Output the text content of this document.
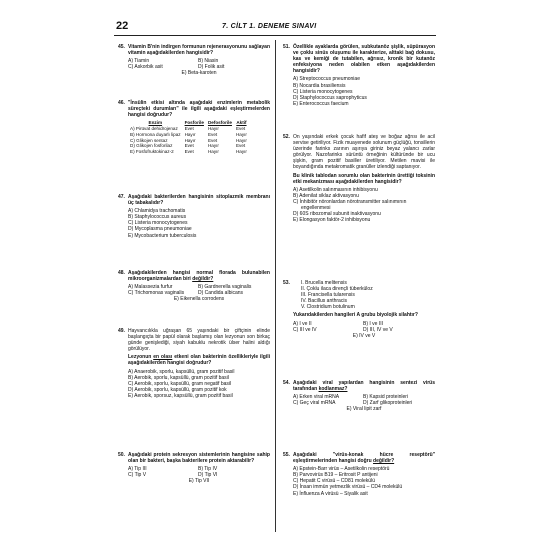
22	7. CİLT 1. DENEME SINAVI
45. Vitamin B'nin indirgen formunun rejenerasyonunu sağlayan vitamin aşağıdakilerden hangisidir?
A) Tiamin	B) Niasin
C) Askorbik asit	D) Folik asit
E) Beta-karoten
46. "İnsülin etkisi altında aşağıdaki enzimlerin metabolik süreçteki durumları" ile ilgili aşağıdaki eşleştirmelerden hangisi doğrudur?
Enzim	Fosforile	Defosforile	Aktif
A) Pirüvat dehidrojenaz	Evet	Hayır	Evet
B) Hormona duyarlı lipaz	Hayır	Evet	Hayır
C) Glikojen sentaz	Hayır	Evet	Hayır
D) Glikojen fosforilaz	Evet	Hayır	Evet
E) Fosfofruktokinaz-2	Evet	Hayır	Hayır
47. Aşağıdaki bakterilerden hangisinin sitoplazmik membranı üç tabakalıdır?
A) Chlamidya trachomatis
B) Staphylococcus aureus
C) Listeria monocytogenes
D) Mycoplasma pneumoniae
E) Mycobacterium tuberculosis
48. Aşağıdakilerden hangisi normal florada bulunabilen mikroorganizmalardan biri değildir?
A) Malassezia furfur	B) Gardnerella vaginalis
C) Trichomonas vaginalis	D) Candida albicans
E) Eikenella corrodens
49. Hayvancılıkla uğraşan 65 yaşındaki bir çiftçinin elinde başlangıçta bir papül olarak başlamış olan lezyonun son birkaç günde genişlediği, siyah kabuklu nekrotik ülser halini aldığı görülüyor.
Lezyonun en olası etkeni olan bakterinin özellikleriyle ilgili aşağıdakilerden hangisi doğrudur?
A) Anaerobik, sporlu, kapsüllü, gram pozitif basil
B) Aerobik, sporlu, kapsüllü, gram pozitif basil
C) Aerobik, sporlu, kapsüllü, gram negatif basil
D) Aerobik, sporlu, kapsüllü, gram pozitif kok
E) Aerobik, sporsuz, kapsüllü, gram pozitif basil
50. Aşağıdaki protein sekresyon sistemlerinin hangisine sahip olan bir bakteri, başka bakterilere protein aktarabilir?
A) Tip III	B) Tip IV
C) Tip V	D) Tip VI
E) Tip VII
51. Özellikle ayaklarda görülen, subkutanöz şişlik, süpürasyon ve çoklu sinüs oluşumu ile karakterize, alttaki bağ dokusu, kas ve kemiği de tutabilen, ağrısız, kronik bir kutanöz enfeksiyona neden olabilen etken aşağıdakilerden hangisidir?
A) Streptococcus pneumoniae
B) Nocardia brasiliensis
C) Listeria monocytogenes
D) Staphylococcus saprophyticus
E) Enterococcus faecium
52. On yaşındaki erkek çocuk hafif ateş ve boğaz ağrısı ile acil servise getiriliyor. Fizik muayenede solunum güçlüğü, tonsillerin üzerinde farinks zarının aşırıya giriniz beyaz yalancı zarlar görülyor. Nazofarinks sürüntü örneğinin kültüründe bir ucu şişkin, gram pozitif basiller üretiliyor. Metilen mavisi ile boyandığında metakromatik granüller izlendiği saptanıyor.
Bu klinik tablodan sorumlu olan bakterinin ürettiği toksinin etki mekanizması aşağıdakilerden hangisidir?
A) Asetilkolin salınmasının inhibisyonu
B) Adenilat siklaz aktivasyonu
C) İnhibitör nöronlardan nörotransmitter salınımının
engellenmesi
D) 60S ribozomal subunit inaktivasyonu
E) Elongasyon faktör-2 inhibisyonu
53. I. Brucella melitensis
II. Çoklu ilaca dirençli tüberküloz
III. Francisella tularensis
IV. Bacillus anthracis
V. Clostridium botulinum
Yukarıdakilerden hangileri A grubu biyolojik silahtır?
A) I ve II	B) I ve III
C) III ve IV	D) III, IV ve V
E) IV ve V
54. Aşağıdaki viral yapılardan hangisinin sentezi virüs tarafından kodlanmaz?
A) Erken viral mRNA	B) Kapsid proteinleri
C) Geç viral mRNA	D) Zarf glikoproteinleri
E) Viral lipit zarf
55. Aşağıdaki "virüs-konak hücre reseptörü" eşleştirmelerinden hangisi doğru değildir?
A) Epstein-Barr virüs – Asetilkolin reseptörü
B) Parvovirüs B19 – Eritrosit P antijeni
C) Hepatit C virüsü – CD81 molekülü
D) İnsan immün yetmezlik virüsü – CD4 molekülü
E) İnfluenza A virüsü – Siyalik asit
